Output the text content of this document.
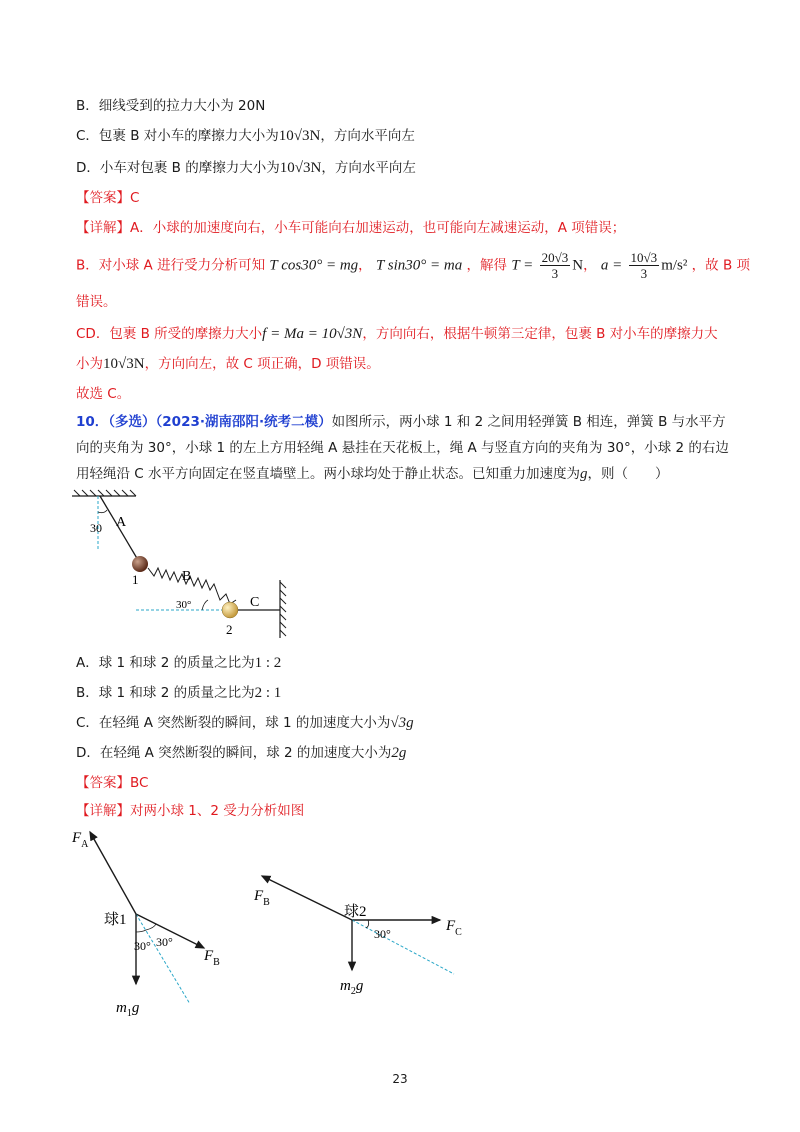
B．细线受到的拉力大小为 20N
C．包裹 B 对小车的摩擦力大小为10√3N，方向水平向左
D．小车对包裹 B 的摩擦力大小为10√3N，方向水平向左
【答案】C
【详解】A．小球的加速度向右，小车可能向右加速运动，也可能向左减速运动，A 项错误；
B．对小球 A 进行受力分析可知 T cos30° = mg， T sin30° = ma ，解得 $T = \frac{20√3}{3}$ N， $a = \frac{10√3}{3} m/s^2$ ，故 B 项
错误。
CD．包裹 B 所受的摩擦力大小f = Ma = 10√3N，方向向右，根据牛顿第三定律，包裹 B 对小车的摩擦力大
小为10√3N，方向向左，故 C 项正确，D 项错误。
故选 C。
10．（多选）（2023·湖南邵阳·统考二模）如图所示，两小球 1 和 2 之间用轻弹簧 B 相连，弹簧 B 与水平方
向的夹角为 30°，小球 1 的左上方用轻绳 A 悬挂在天花板上，绳 A 与竖直方向的夹角为 30°，小球 2 的右边
用轻绳沿 C 水平方向固定在竖直墙壁上。两小球均处于静止状态。已知重力加速度为g，则（　　）
30 A
1	B
30°
2
C
A．球 1 和球 2 的质量之比为1 : 2
B．球 1 和球 2 的质量之比为2 : 1
C．在轻绳 A 突然断裂的瞬间，球 1 的加速度大小为√3g
D．在轻绳 A 突然断裂的瞬间，球 2 的加速度大小为2g
【答案】BC
【详解】对两小球 1、2 受力分析如图
$F_A$
球1
$F_B$
$m_1g$
30° 30°
$F_B$
球2
$F_C$
$m_2g$
30°
23
